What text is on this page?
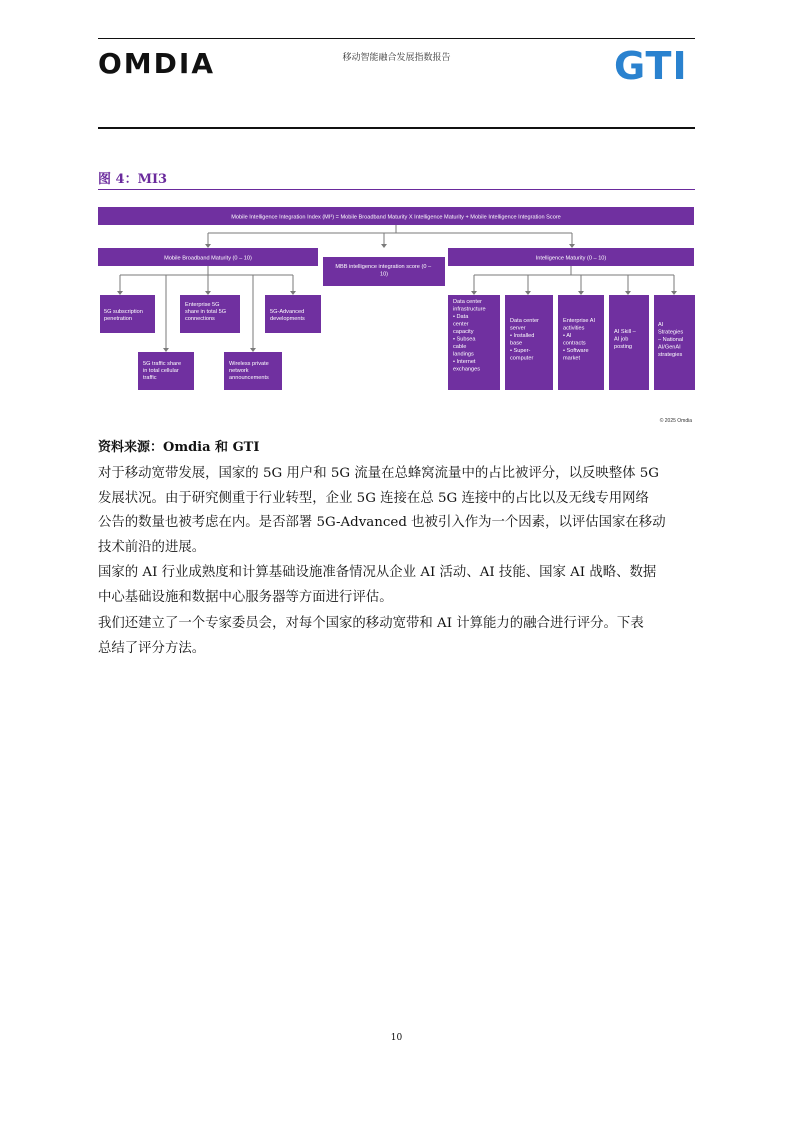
OMDIA	移动智能融合发展指数报告	GTI
图 4：MI3
Mobile Intelligence Integration Index (MI³) = Mobile Broadband Maturity X Intelligence Maturity + Mobile Intelligence Integration Score
Mobile Broadband Maturity (0 – 10)
MBB intelligence integration score (0 – 10)
Intelligence Maturity (0 – 10)
5G subscription penetration
Enterprise 5G share in total 5G connections
5G-Advanced developments
5G traffic share in total cellular traffic
Wireless private network announcements
Data center infrastructure • Data center capacity • Subsea cable landings • Internet exchanges
Data center server • Installed base • Super- computer
Enterprise AI activities • AI contracts • Software market
AI Skill – AI job posting
AI Strategies – National AI/GenAI strategies
© 2025 Omdia
资料来源：Omdia 和 GTI
对于移动宽带发展，国家的 5G 用户和 5G 流量在总蜂窝流量中的占比被评分，以反映整体 5G
发展状况。由于研究侧重于行业转型，企业 5G 连接在总 5G 连接中的占比以及无线专用网络
公告的数量也被考虑在内。是否部署 5G-Advanced 也被引入作为一个因素，以评估国家在移动
技术前沿的进展。
国家的 AI 行业成熟度和计算基础设施准备情况从企业 AI 活动、AI 技能、国家 AI 战略、数据
中心基础设施和数据中心服务器等方面进行评估。
我们还建立了一个专家委员会，对每个国家的移动宽带和 AI 计算能力的融合进行评分。下表
总结了评分方法。
10
